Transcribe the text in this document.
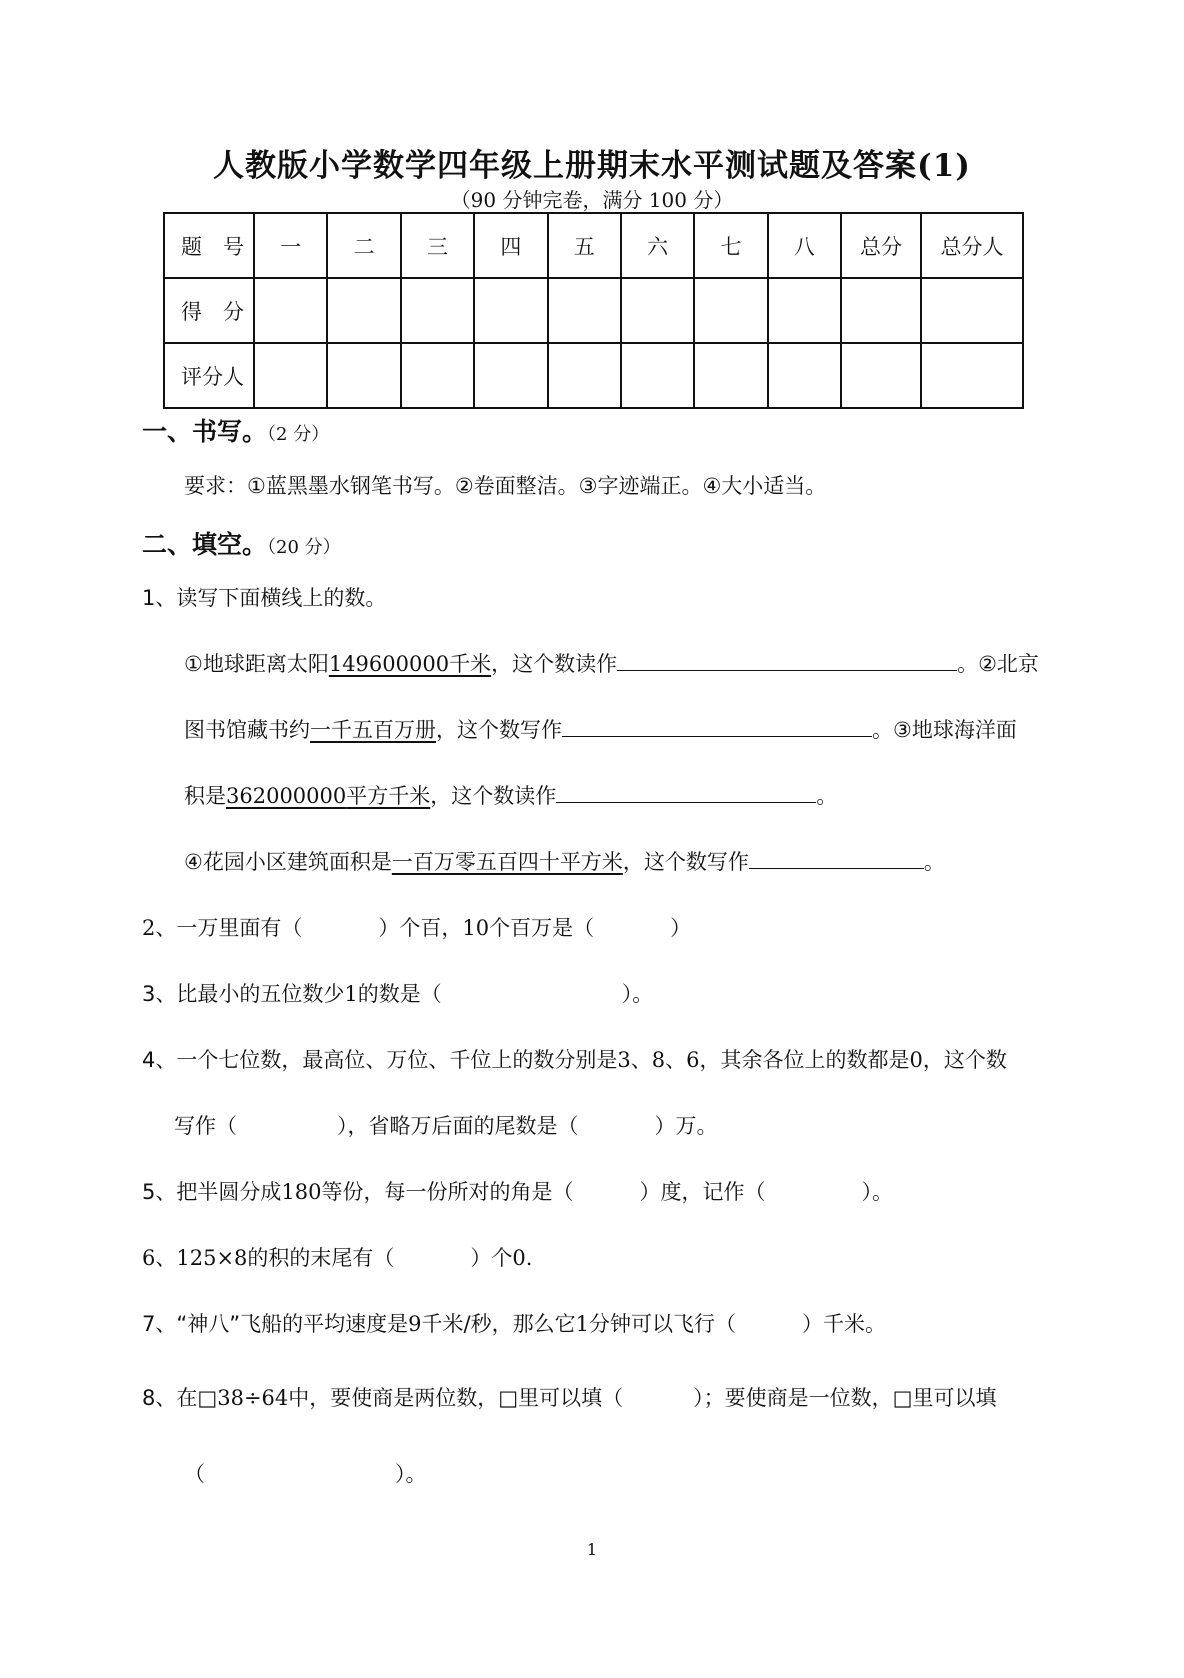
人教版小学数学四年级上册期末水平测试题及答案(1)
（90 分钟完卷，满分 100 分）
题　号	一	二	三	四	五	六	七	八	总分	总分人
得　分										
评分人										
一、书写。（2 分）
要求：①蓝黑墨水钢笔书写。②卷面整洁。③字迹端正。④大小适当。
二、填空。（20 分）
1、读写下面横线上的数。
①地球距离太阳149600000千米，这个数读作	。②北京
图书馆藏书约一千五百万册，这个数写作	。③地球海洋面
积是362000000平方千米，这个数读作	。
④花园小区建筑面积是一百万零五百四十平方米，这个数写作	。
2、一万里面有（	）个百，10个百万是（	）
3、比最小的五位数少1的数是（	）。
4、一个七位数，最高位、万位、千位上的数分别是3、8、6，其余各位上的数都是0，这个数
写作（	），省略万后面的尾数是（	）万。
5、把半圆分成180等份，每一份所对的角是（	）度，记作（	）。
6、125×8的积的末尾有（	）个0.
7、“神八”飞船的平均速度是9千米/秒，那么它1分钟可以飞行（	）千米。
8、在□38÷64中，要使商是两位数，□里可以填（	）；要使商是一位数，□里可以填
（	）。
1
